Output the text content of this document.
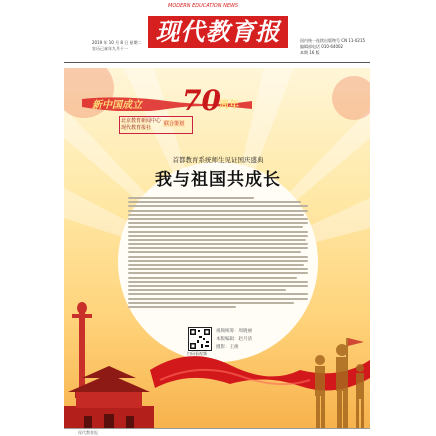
MODERN EDUCATION NEWS
现代教育报
2019 年 10 月 8 日 星期二
农历己亥年九月十一
国内统一连续出版物号 CN 11-0215
编辑部电话 010-64002
本期 16 版
新中国成立 70
周年
北京教育新闻中心
现代教育报社
联合策划
首都教育系统师生见证国庆盛典
我与祖国共成长
扫码看视频
视频统筹：周晓丽
本版编辑：赵月清
摄影：王俊
现代教育报
